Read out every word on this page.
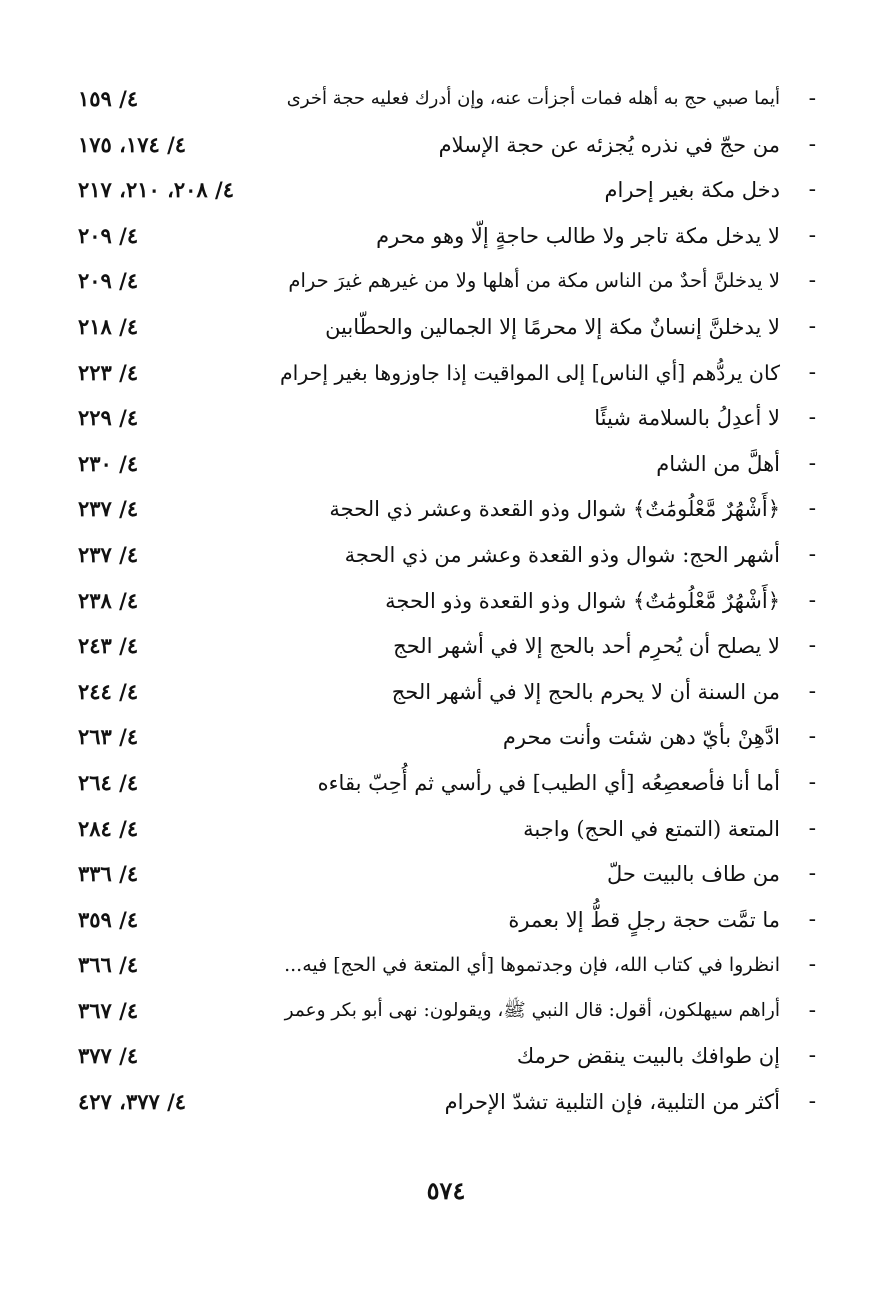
-
أيما صبي حج به أهله فمات أجزأت عنه، وإن أدرك فعليه حجة أخرى
٤/ ١٥٩
-
من حجّ في نذره يُجزئه عن حجة الإسلام
٤/ ١٧٤، ١٧٥
-
دخل مكة بغير إحرام
٤/ ٢٠٨، ٢١٠، ٢١٧
-
لا يدخل مكة تاجر ولا طالب حاجةٍ إلّا وهو محرم
٤/ ٢٠٩
-
لا يدخلنَّ أحدٌ من الناس مكة من أهلها ولا من غيرهم غيرَ حرام
٤/ ٢٠٩
-
لا يدخلنَّ إنسانٌ مكة إلا محرمًا إلا الجمالين والحطّابين
٤/ ٢١٨
-
كان يردُّهم [أي الناس] إلى المواقيت إذا جاوزوها بغير إحرام
٤/ ٢٢٣
-
لا أعدِلُ بالسلامة شيئًا
٤/ ٢٢٩
-
أهلَّ من الشام
٤/ ٢٣٠
-
﴿أَشْهُرٌ مَّعْلُومَٰتٌ﴾ شوال وذو القعدة وعشر ذي الحجة
٤/ ٢٣٧
-
أشهر الحج: شوال وذو القعدة وعشر من ذي الحجة
٤/ ٢٣٧
-
﴿أَشْهُرٌ مَّعْلُومَٰتٌ﴾ شوال وذو القعدة وذو الحجة
٤/ ٢٣٨
-
لا يصلح أن يُحرِم أحد بالحج إلا في أشهر الحج
٤/ ٢٤٣
-
من السنة أن لا يحرم بالحج إلا في أشهر الحج
٤/ ٢٤٤
-
ادَّهِنْ بأيّ دهن شئت وأنت محرم
٤/ ٢٦٣
-
أما أنا فأصعصِعُه [أي الطيب] في رأسي ثم أُحِبّ بقاءه
٤/ ٢٦٤
-
المتعة (التمتع في الحج) واجبة
٤/ ٢٨٤
-
من طاف بالبيت حلّ
٤/ ٣٣٦
-
ما تمَّت حجة رجلٍ قطُّ إلا بعمرة
٤/ ٣٥٩
-
انظروا في كتاب الله، فإن وجدتموها [أي المتعة في الحج] فيه...
٤/ ٣٦٦
-
أراهم سيهلكون، أقول: قال النبي ﷺ، ويقولون: نهى أبو بكر وعمر
٤/ ٣٦٧
-
إن طوافك بالبيت ينقض حرمك
٤/ ٣٧٧
-
أكثر من التلبية، فإن التلبية تشدّ الإحرام
٤/ ٣٧٧، ٤٢٧
٥٧٤
